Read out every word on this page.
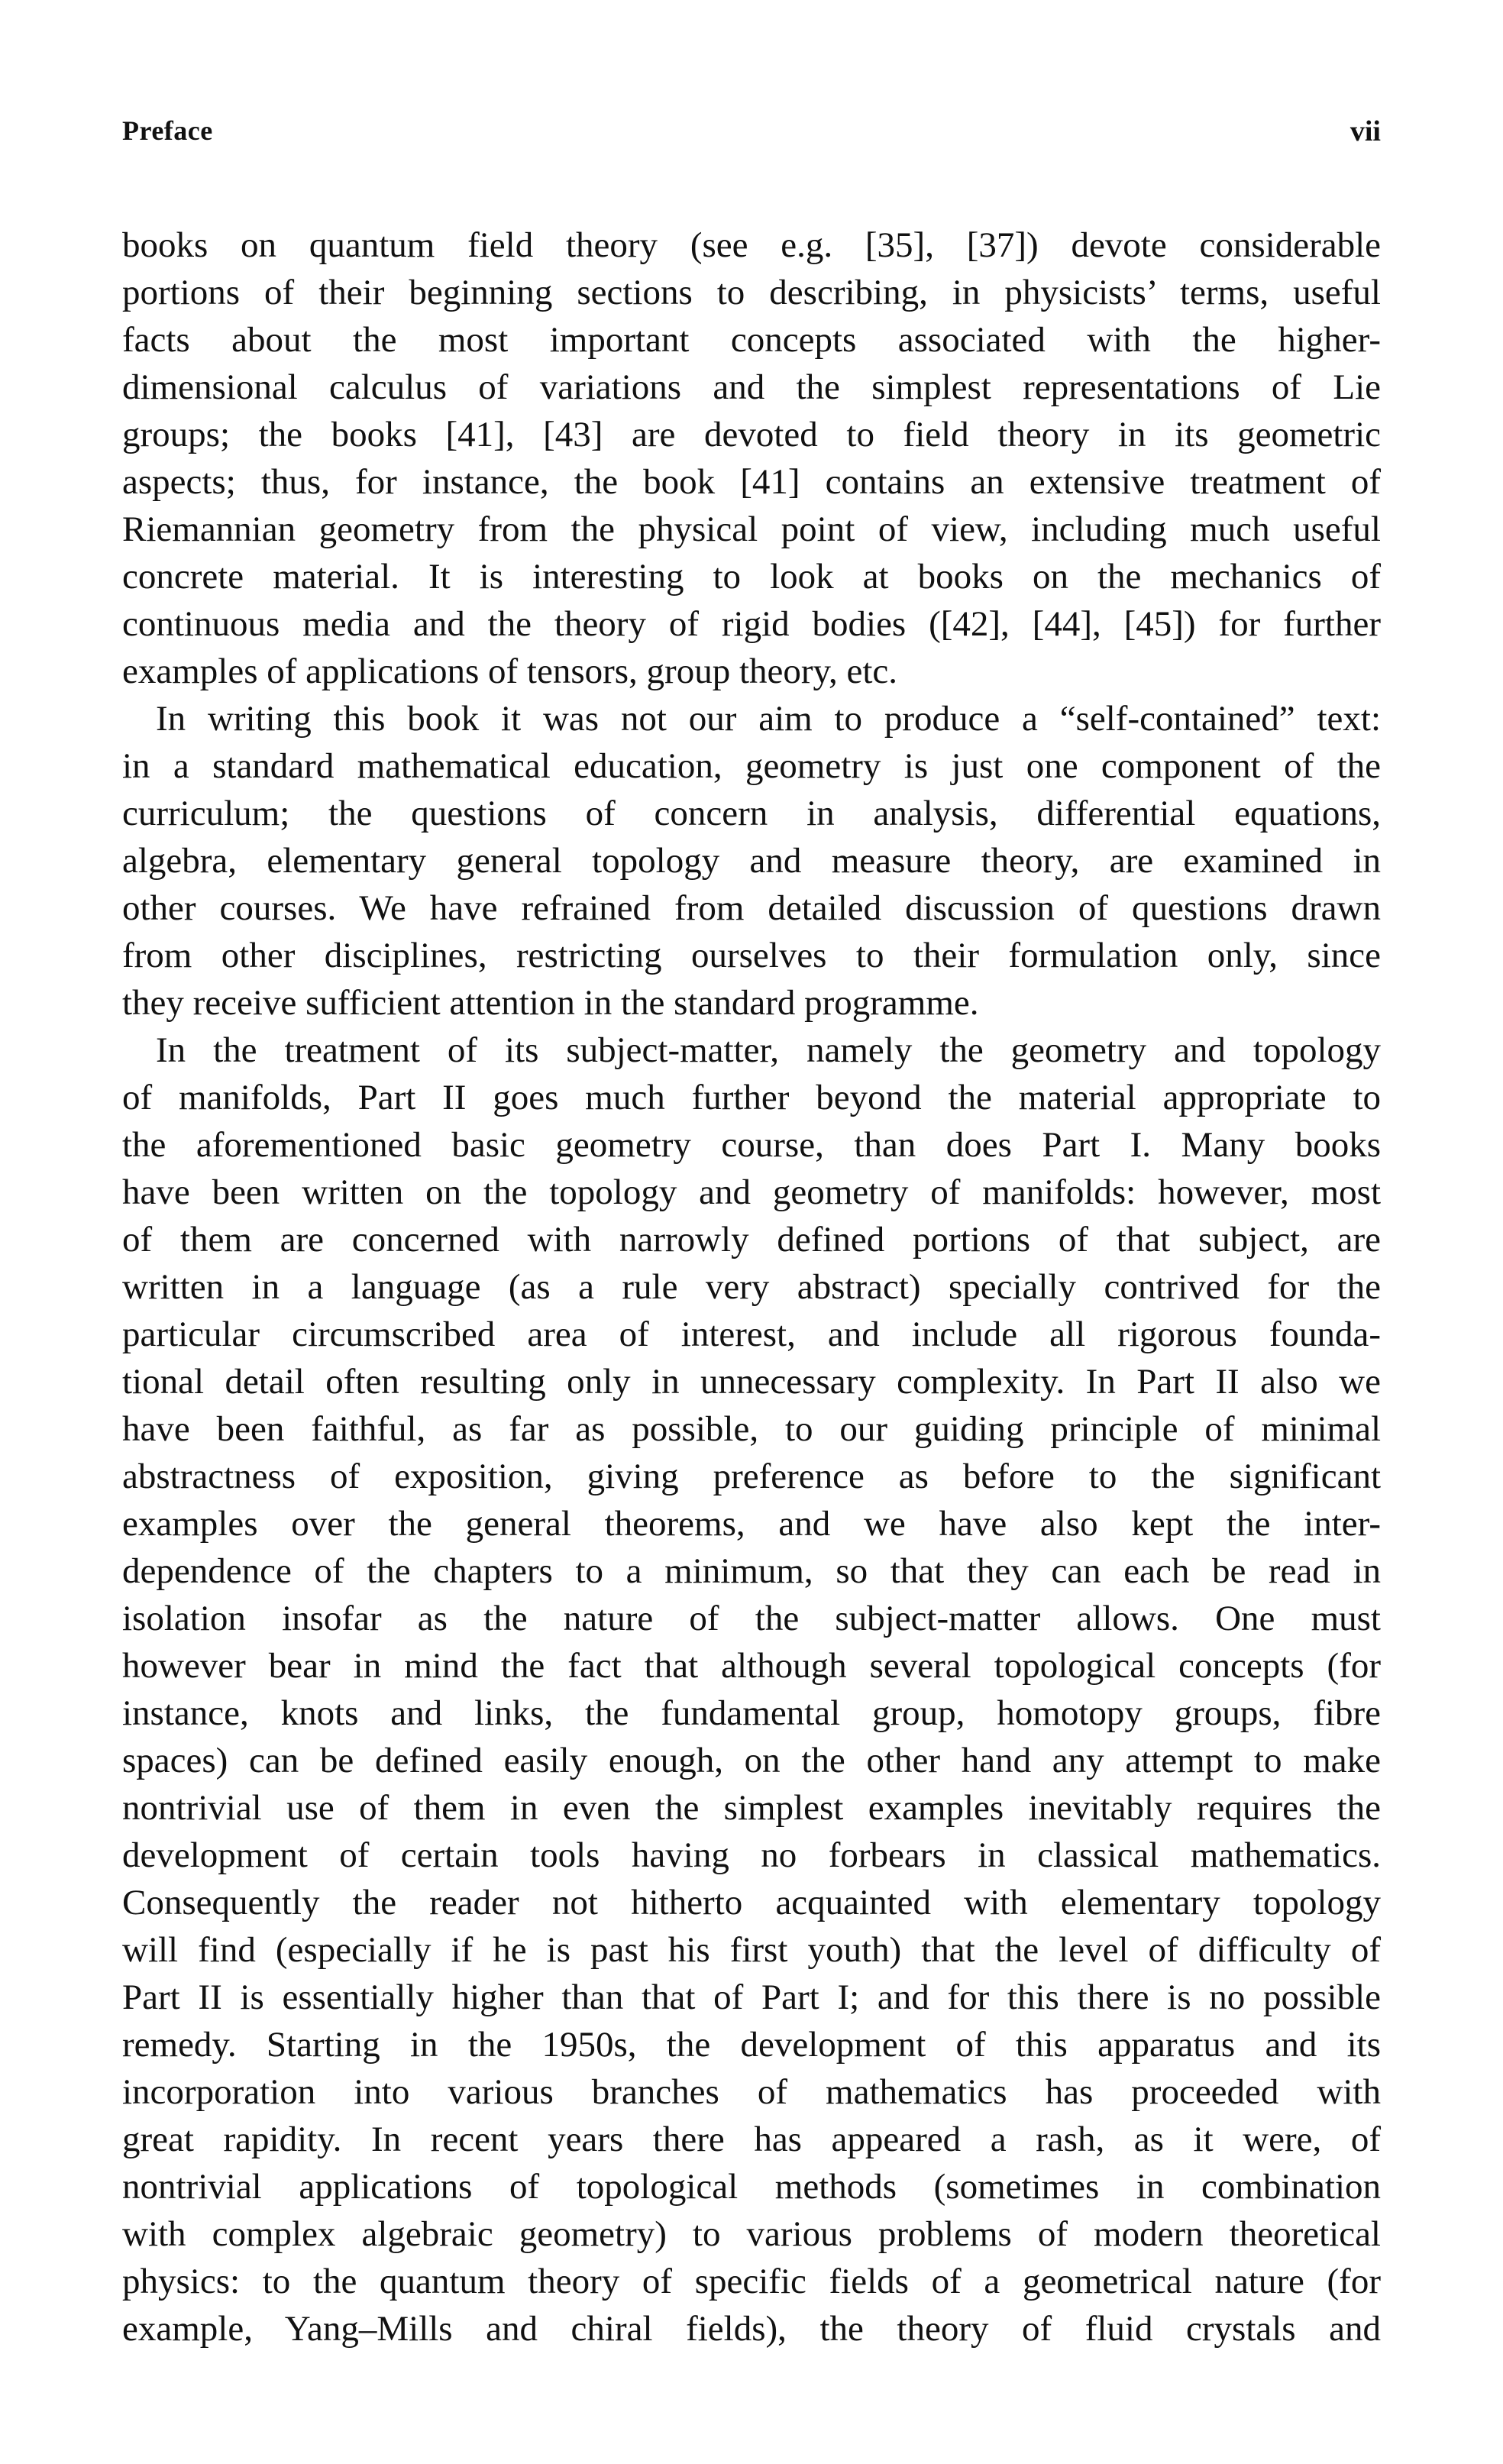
Preface	vii
books on quantum field theory (see e.g. [35], [37]) devote considerable
portions of their beginning sections to describing, in physicists’ terms, useful
facts about the most important concepts associated with the higher-
dimensional calculus of variations and the simplest representations of Lie
groups; the books [41], [43] are devoted to field theory in its geometric
aspects; thus, for instance, the book [41] contains an extensive treatment of
Riemannian geometry from the physical point of view, including much useful
concrete material. It is interesting to look at books on the mechanics of
continuous media and the theory of rigid bodies ([42], [44], [45]) for further
examples of applications of tensors, group theory, etc.
In writing this book it was not our aim to produce a “self-contained” text:
in a standard mathematical education, geometry is just one component of the
curriculum; the questions of concern in analysis, differential equations,
algebra, elementary general topology and measure theory, are examined in
other courses. We have refrained from detailed discussion of questions drawn
from other disciplines, restricting ourselves to their formulation only, since
they receive sufficient attention in the standard programme.
In the treatment of its subject-matter, namely the geometry and topology
of manifolds, Part II goes much further beyond the material appropriate to
the aforementioned basic geometry course, than does Part I. Many books
have been written on the topology and geometry of manifolds: however, most
of them are concerned with narrowly defined portions of that subject, are
written in a language (as a rule very abstract) specially contrived for the
particular circumscribed area of interest, and include all rigorous founda-
tional detail often resulting only in unnecessary complexity. In Part II also we
have been faithful, as far as possible, to our guiding principle of minimal
abstractness of exposition, giving preference as before to the significant
examples over the general theorems, and we have also kept the inter-
dependence of the chapters to a minimum, so that they can each be read in
isolation insofar as the nature of the subject-matter allows. One must
however bear in mind the fact that although several topological concepts (for
instance, knots and links, the fundamental group, homotopy groups, fibre
spaces) can be defined easily enough, on the other hand any attempt to make
nontrivial use of them in even the simplest examples inevitably requires the
development of certain tools having no forbears in classical mathematics.
Consequently the reader not hitherto acquainted with elementary topology
will find (especially if he is past his first youth) that the level of difficulty of
Part II is essentially higher than that of Part I; and for this there is no possible
remedy. Starting in the 1950s, the development of this apparatus and its
incorporation into various branches of mathematics has proceeded with
great rapidity. In recent years there has appeared a rash, as it were, of
nontrivial applications of topological methods (sometimes in combination
with complex algebraic geometry) to various problems of modern theoretical
physics: to the quantum theory of specific fields of a geometrical nature (for
example, Yang–Mills and chiral fields), the theory of fluid crystals and
